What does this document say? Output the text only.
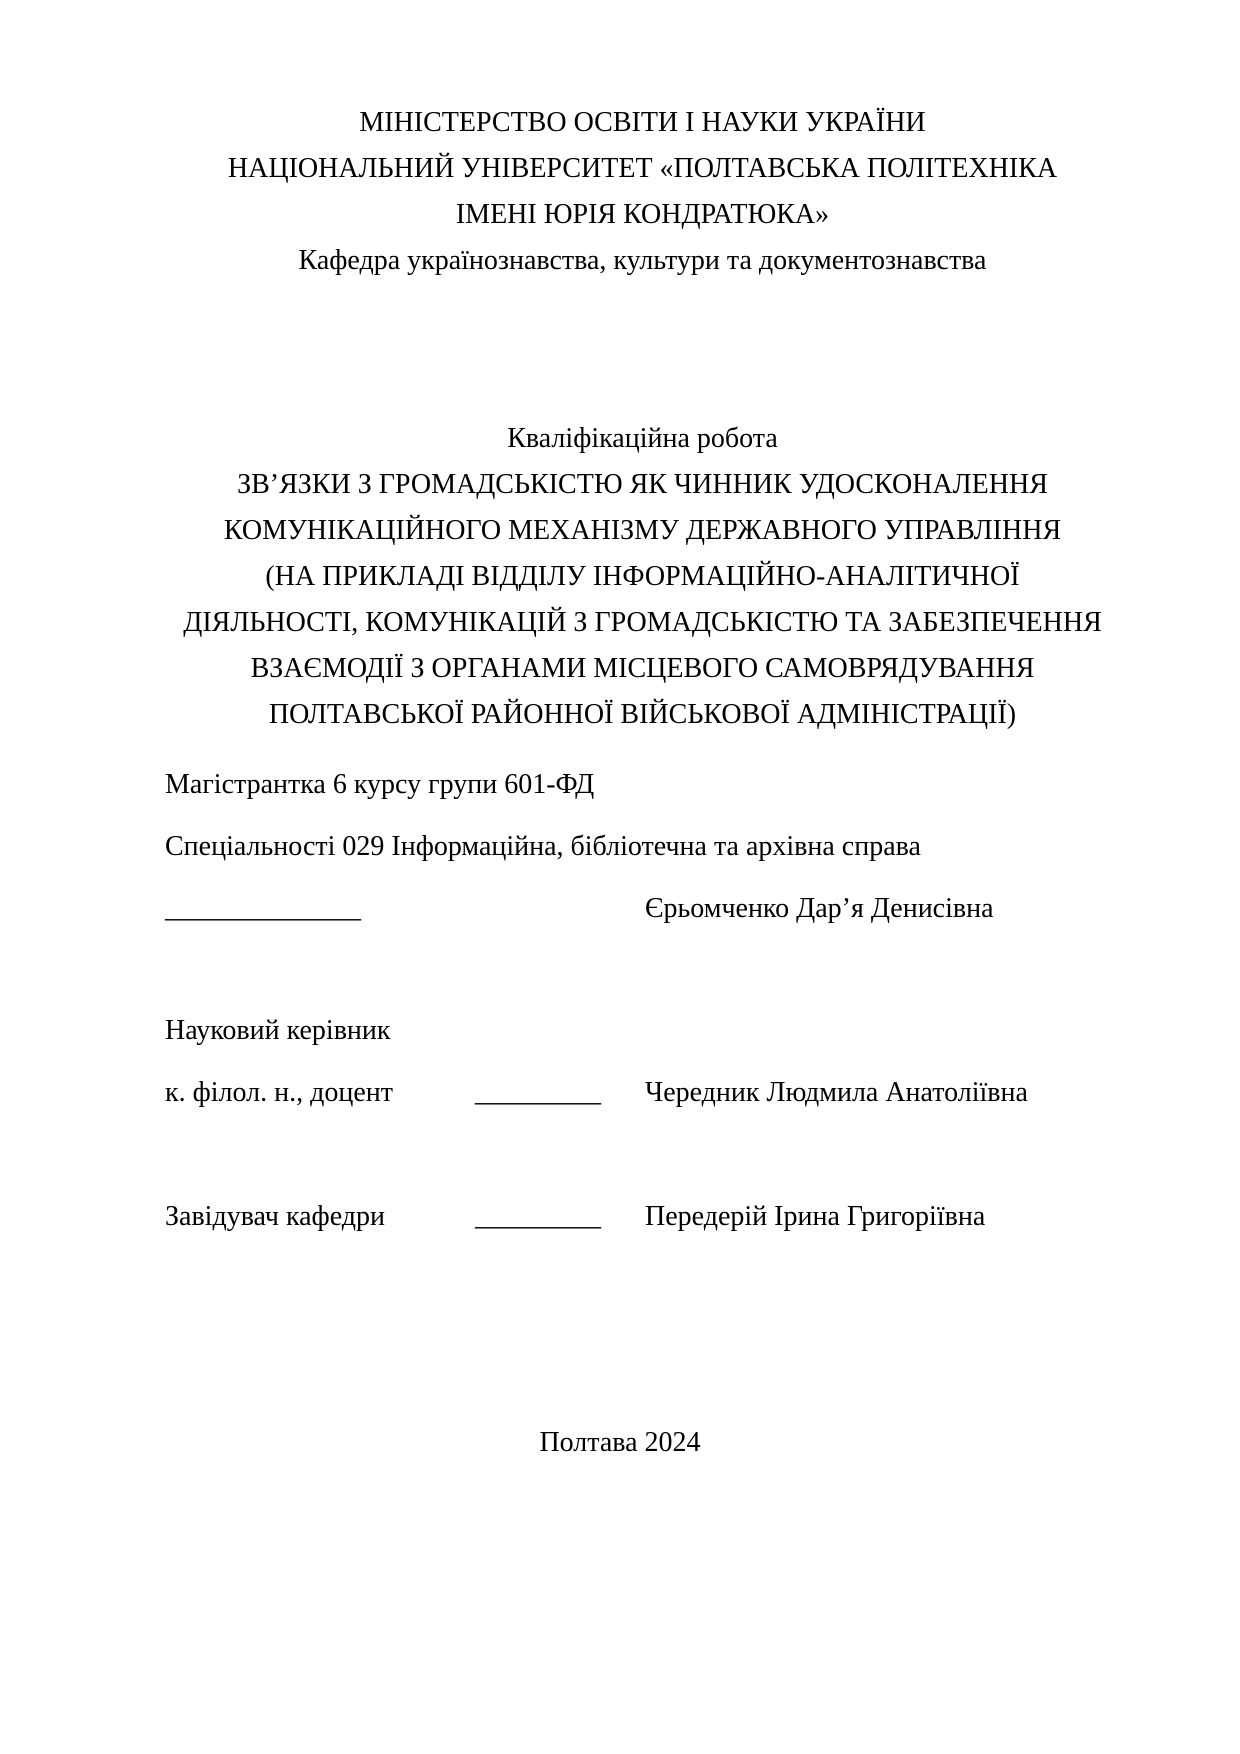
МІНІСТЕРСТВО ОСВІТИ І НАУКИ УКРАЇНИ
НАЦІОНАЛЬНИЙ УНІВЕРСИТЕТ «ПОЛТАВСЬКА ПОЛІТЕХНІКА
ІМЕНІ ЮРІЯ КОНДРАТЮКА»
Кафедра українознавства, культури та документознавства
Кваліфікаційна робота
ЗВ’ЯЗКИ З ГРОМАДСЬКІСТЮ ЯК ЧИННИК УДОСКОНАЛЕННЯ
КОМУНІКАЦІЙНОГО МЕХАНІЗМУ ДЕРЖАВНОГО УПРАВЛІННЯ
(НА ПРИКЛАДІ ВІДДІЛУ ІНФОРМАЦІЙНО-АНАЛІТИЧНОЇ
ДІЯЛЬНОСТІ, КОМУНІКАЦІЙ З ГРОМАДСЬКІСТЮ ТА ЗАБЕЗПЕЧЕННЯ
ВЗАЄМОДІЇ З ОРГАНАМИ МІСЦЕВОГО САМОВРЯДУВАННЯ
ПОЛТАВСЬКОЇ РАЙОННОЇ ВІЙСЬКОВОЇ АДМІНІСТРАЦІЇ)
Магістрантка 6 курсу групи 601-ФД
Спеціальності 029 Інформаційна, бібліотечна та архівна справа
______________	Єрьомченко Дар’я Денисівна
Науковий керівник
к. філол. н., доцент	_________	Чередник Людмила Анатоліївна
Завідувач кафедри	_________	Передерій Ірина Григоріївна
Полтава 2024
